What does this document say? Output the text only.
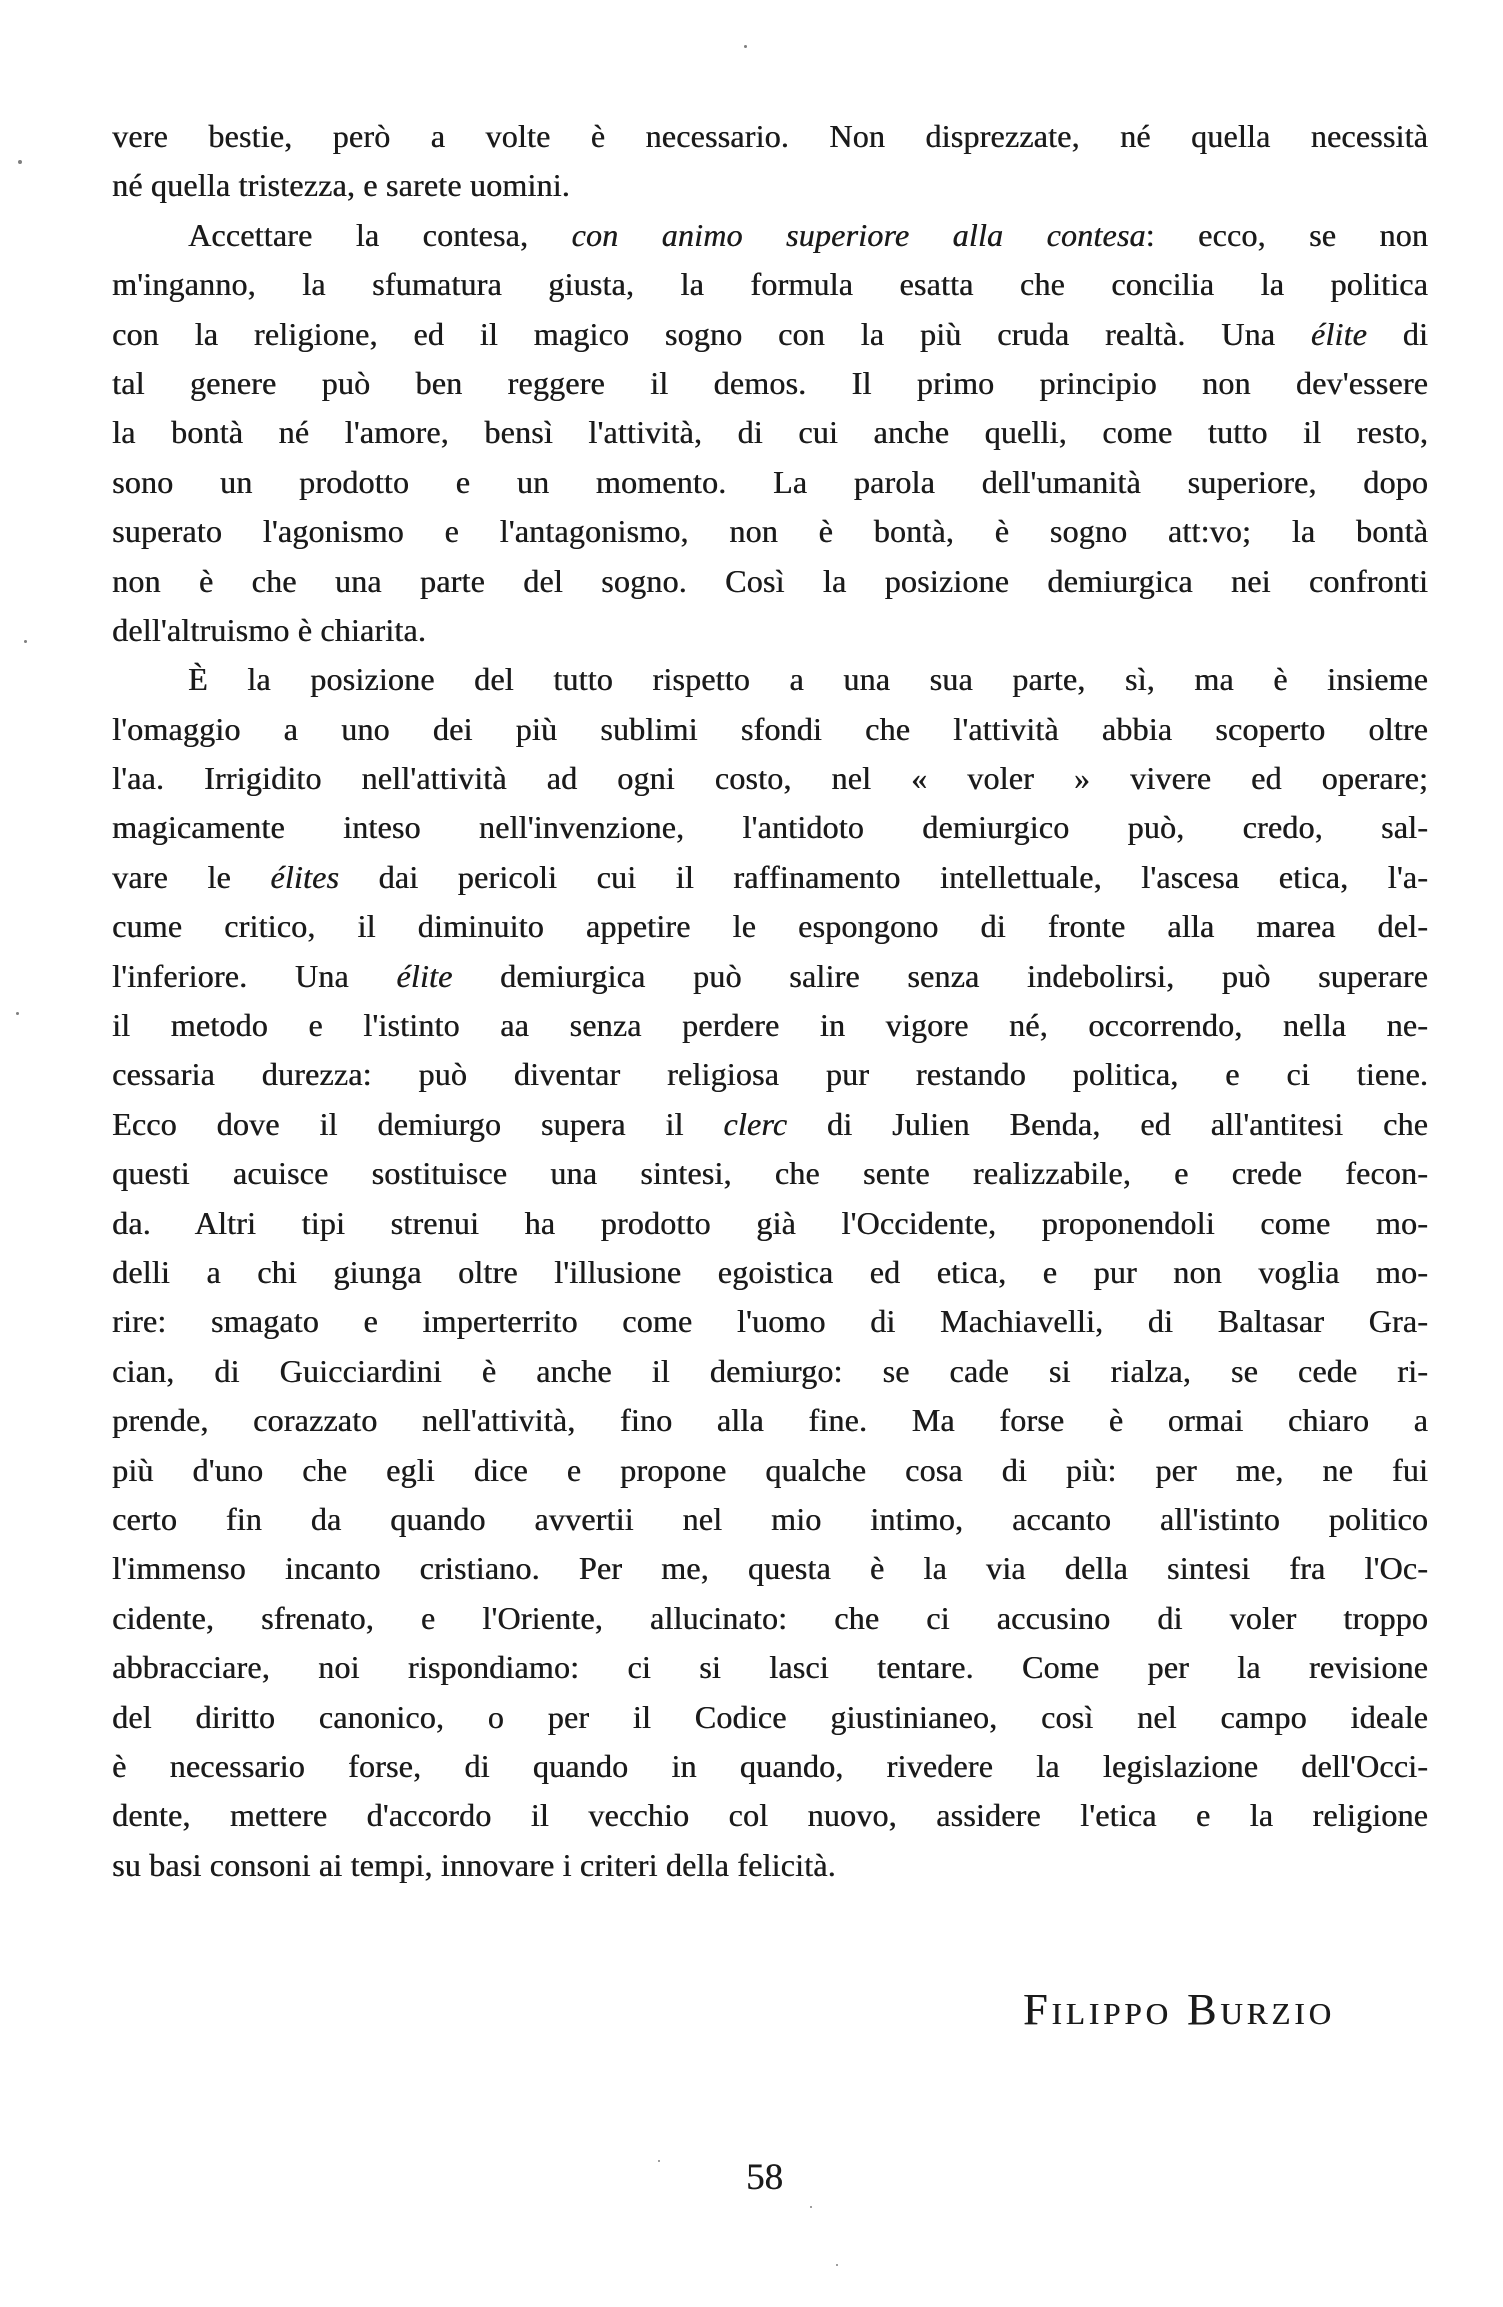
vere bestie, però a volte è necessario. Non disprezzate, né quella necessità
né quella tristezza, e sarete uomini.
Accettare la contesa, con animo superiore alla contesa: ecco, se non
m'inganno, la sfumatura giusta, la formula esatta che concilia la politica
con la religione, ed il magico sogno con la più cruda realtà. Una élite di
tal genere può ben reggere il demos. Il primo principio non dev'essere
la bontà né l'amore, bensì l'attività, di cui anche quelli, come tutto il resto,
sono un prodotto e un momento. La parola dell'umanità superiore, dopo
superato l'agonismo e l'antagonismo, non è bontà, è sogno att:vo; la bontà
non è che una parte del sogno. Così la posizione demiurgica nei confronti
dell'altruismo è chiarita.
È la posizione del tutto rispetto a una sua parte, sì, ma è insieme
l'omaggio a uno dei più sublimi sfondi che l'attività abbia scoperto oltre
l'aa. Irrigidito nell'attività ad ogni costo, nel « voler » vivere ed operare;
magicamente inteso nell'invenzione, l'antidoto demiurgico può, credo, sal-
vare le élites dai pericoli cui il raffinamento intellettuale, l'ascesa etica, l'a-
cume critico, il diminuito appetire le espongono di fronte alla marea del-
l'inferiore. Una élite demiurgica può salire senza indebolirsi, può superare
il metodo e l'istinto aa senza perdere in vigore né, occorrendo, nella ne-
cessaria durezza: può diventar religiosa pur restando politica, e ci tiene.
Ecco dove il demiurgo supera il clerc di Julien Benda, ed all'antitesi che
questi acuisce sostituisce una sintesi, che sente realizzabile, e crede fecon-
da. Altri tipi strenui ha prodotto già l'Occidente, proponendoli come mo-
delli a chi giunga oltre l'illusione egoistica ed etica, e pur non voglia mo-
rire: smagato e imperterrito come l'uomo di Machiavelli, di Baltasar Gra-
cian, di Guicciardini è anche il demiurgo: se cade si rialza, se cede ri-
prende, corazzato nell'attività, fino alla fine. Ma forse è ormai chiaro a
più d'uno che egli dice e propone qualche cosa di più: per me, ne fui
certo fin da quando avvertii nel mio intimo, accanto all'istinto politico
l'immenso incanto cristiano. Per me, questa è la via della sintesi fra l'Oc-
cidente, sfrenato, e l'Oriente, allucinato: che ci accusino di voler troppo
abbracciare, noi rispondiamo: ci si lasci tentare. Come per la revisione
del diritto canonico, o per il Codice giustinianeo, così nel campo ideale
è necessario forse, di quando in quando, rivedere la legislazione dell'Occi-
dente, mettere d'accordo il vecchio col nuovo, assidere l'etica e la religione
su basi consoni ai tempi, innovare i criteri della felicità.
Filippo Burzio
58
